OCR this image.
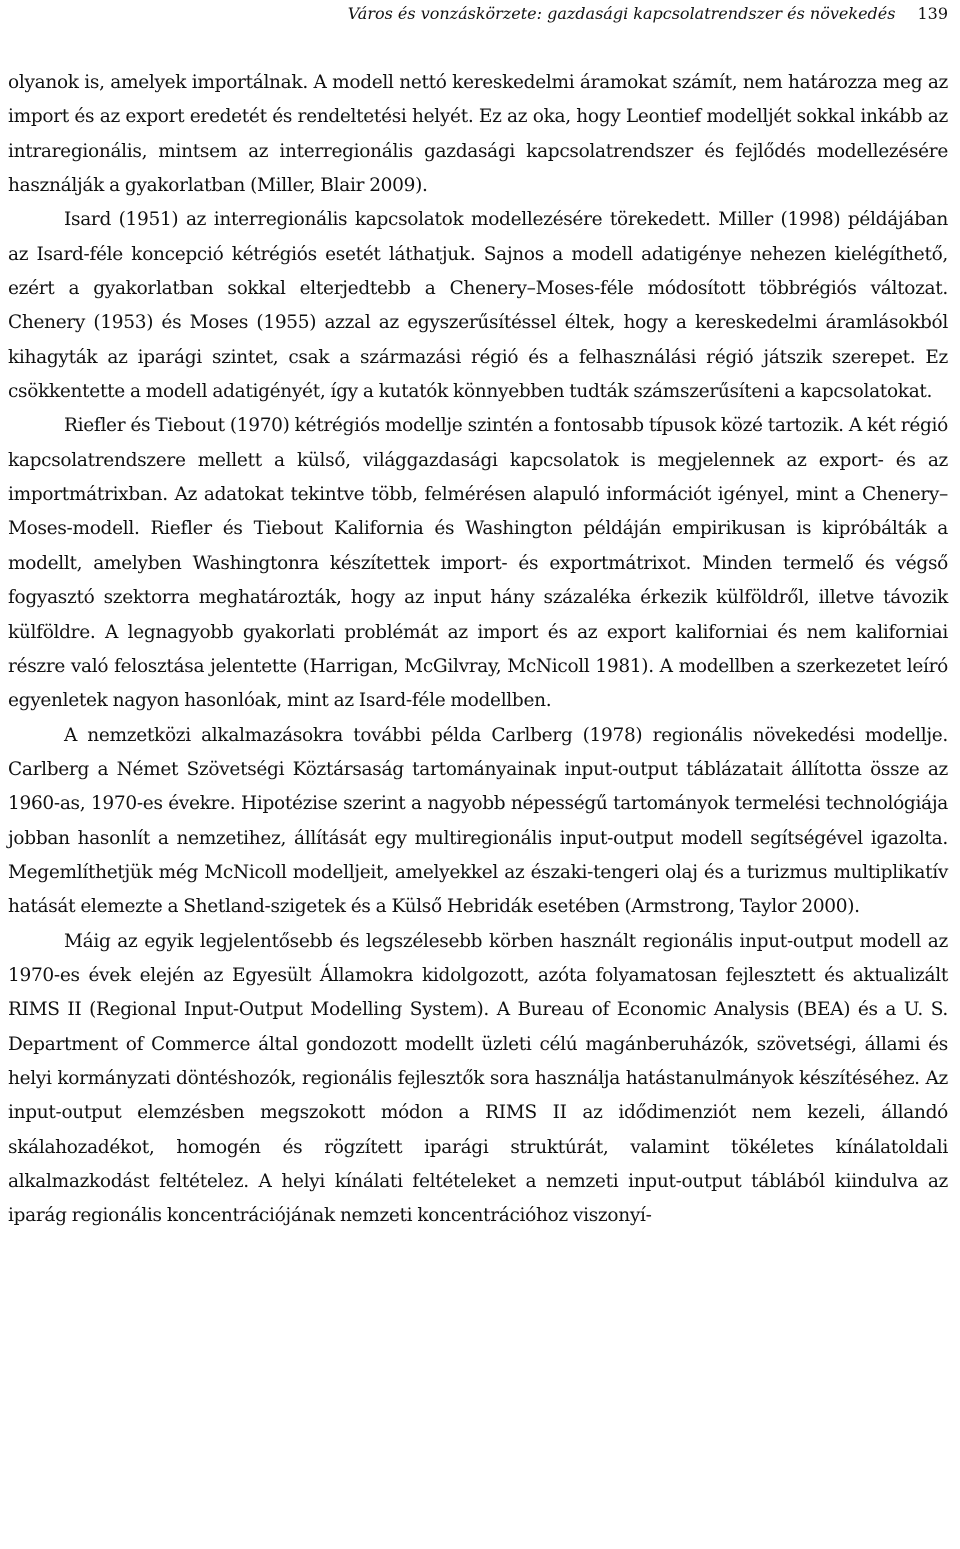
Város és vonzáskörzete: gazdasági kapcsolatrendszer és növekedés 139

olyanok is, amelyek importálnak. A modell nettó kereskedelmi áramokat számít, nem határozza meg az import és az export eredetét és rendeltetési helyét. Ez az oka, hogy Leontief modelljét sokkal inkább az intraregionális, mintsem az interregionális gazdasági kapcsolatrendszer és fejlődés modellezésére használják a gyakorlatban (Miller, Blair 2009).

Isard (1951) az interregionális kapcsolatok modellezésére törekedett. Miller (1998) példájában az Isard-féle koncepció kétrégiós esetét láthatjuk. Sajnos a modell adatigénye nehezen kielégíthető, ezért a gyakorlatban sokkal elterjedtebb a Chenery–Moses-féle módosított többrégiós változat. Chenery (1953) és Moses (1955) azzal az egyszerűsítéssel éltek, hogy a kereskedelmi áramlásokból kihagyták az iparági szintet, csak a származási régió és a felhasználási régió játszik szerepet. Ez csökkentette a modell adatigényét, így a kutatók könnyebben tudták számszerűsíteni a kapcsolatokat.

Riefler és Tiebout (1970) kétrégiós modellje szintén a fontosabb típusok közé tartozik. A két régió kapcsolatrendszere mellett a külső, világgazdasági kapcsolatok is megjelennek az export- és az importmátrixban. Az adatokat tekintve több, felmérésen alapuló információt igényel, mint a Chenery–Moses-modell. Riefler és Tiebout Kalifornia és Washington példáján empirikusan is kipróbálták a modellt, amelyben Washingtonra készítettek import- és exportmátrixot. Minden termelő és végső fogyasztó szektorra meghatározták, hogy az input hány százaléka érkezik külföldről, illetve távozik külföldre. A legnagyobb gyakorlati problémát az import és az export kaliforniai és nem kaliforniai részre való felosztása jelentette (Harrigan, McGilvray, McNicoll 1981). A modellben a szerkezetet leíró egyenletek nagyon hasonlóak, mint az Isard-féle modellben.

A nemzetközi alkalmazásokra további példa Carlberg (1978) regionális növekedési modellje. Carlberg a Német Szövetségi Köztársaság tartományainak input-output táblázatait állította össze az 1960-as, 1970-es évekre. Hipotézise szerint a nagyobb népességű tartományok termelési technológiája jobban hasonlít a nemzetihez, állítását egy multiregionális input-output modell segítségével igazolta. Megemlíthetjük még McNicoll modelljeit, amelyekkel az északi-tengeri olaj és a turizmus multiplikatív hatását elemezte a Shetland-szigetek és a Külső Hebridák esetében (Armstrong, Taylor 2000).

Máig az egyik legjelentősebb és legszélesebb körben használt regionális input-output modell az 1970-es évek elején az Egyesült Államokra kidolgozott, azóta folyamatosan fejlesztett és aktualizált RIMS II (Regional Input-Output Modelling System). A Bureau of Economic Analysis (BEA) és a U. S. Department of Commerce által gondozott modellt üzleti célú magánberuházók, szövetségi, állami és helyi kormányzati döntéshozók, regionális fejlesztők sora használja hatástanulmányok készítéséhez. Az input-output elemzésben megszokott módon a RIMS II az idődimenziót nem kezeli, állandó skálahozadékot, homogén és rögzített iparági struktúrát, valamint tökéletes kínálatoldali alkalmazkodást feltételez. A helyi kínálati feltételeket a nemzeti input-output táblából kiindulva az iparág regionális koncentrációjának nemzeti koncentrációhoz viszonyí-
